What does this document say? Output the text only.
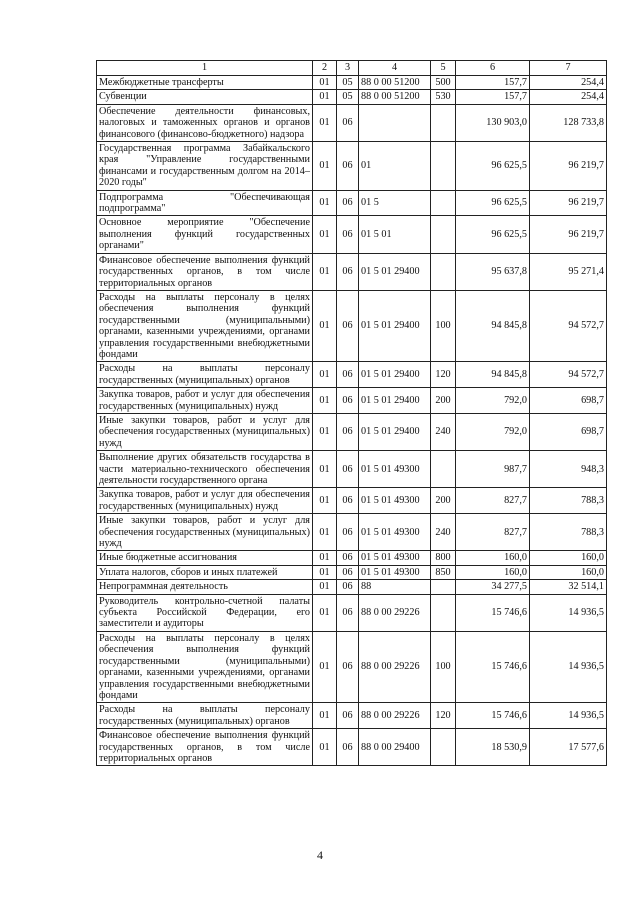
1	2	3	4	5	6	7
Межбюджетные трансферты	01	05	88 0 00 51200	500	157,7	254,4
Субвенции	01	05	88 0 00 51200	530	157,7	254,4
Обеспечение деятельности финансовых, налоговых и таможенных органов и органов финансового (финансово-бюджетного) надзора	01	06			130 903,0	128 733,8
Государственная программа Забайкальского края "Управление государственными финансами и государственным долгом на 2014–2020 годы"	01	06	01		96 625,5	96 219,7
Подпрограмма "Обеспечивающая подпрограмма"	01	06	01 5		96 625,5	96 219,7
Основное мероприятие "Обеспечение выполнения функций государственных органами"	01	06	01 5 01		96 625,5	96 219,7
Финансовое обеспечение выполнения функций государственных органов, в том числе территориальных органов	01	06	01 5 01 29400		95 637,8	95 271,4
Расходы на выплаты персоналу в целях обеспечения выполнения функций государственными (муниципальными) органами, казенными учреждениями, органами управления государственными внебюджетными фондами	01	06	01 5 01 29400	100	94 845,8	94 572,7
Расходы на выплаты персоналу государственных (муниципальных) органов	01	06	01 5 01 29400	120	94 845,8	94 572,7
Закупка товаров, работ и услуг для обеспечения государственных (муниципальных) нужд	01	06	01 5 01 29400	200	792,0	698,7
Иные закупки товаров, работ и услуг для обеспечения государственных (муниципальных) нужд	01	06	01 5 01 29400	240	792,0	698,7
Выполнение других обязательств государства в части материально-технического обеспечения деятельности государственного органа	01	06	01 5 01 49300		987,7	948,3
Закупка товаров, работ и услуг для обеспечения государственных (муниципальных) нужд	01	06	01 5 01 49300	200	827,7	788,3
Иные закупки товаров, работ и услуг для обеспечения государственных (муниципальных) нужд	01	06	01 5 01 49300	240	827,7	788,3
Иные бюджетные ассигнования	01	06	01 5 01 49300	800	160,0	160,0
Уплата налогов, сборов и иных платежей	01	06	01 5 01 49300	850	160,0	160,0
Непрограммная деятельность	01	06	88		34 277,5	32 514,1
Руководитель контрольно-счетной палаты субъекта Российской Федерации, его заместители и аудиторы	01	06	88 0 00 29226		15 746,6	14 936,5
Расходы на выплаты персоналу в целях обеспечения выполнения функций государственными (муниципальными) органами, казенными учреждениями, органами управления государственными внебюджетными фондами	01	06	88 0 00 29226	100	15 746,6	14 936,5
Расходы на выплаты персоналу государственных (муниципальных) органов	01	06	88 0 00 29226	120	15 746,6	14 936,5
Финансовое обеспечение выполнения функций государственных органов, в том числе территориальных органов	01	06	88 0 00 29400		18 530,9	17 577,6
4
